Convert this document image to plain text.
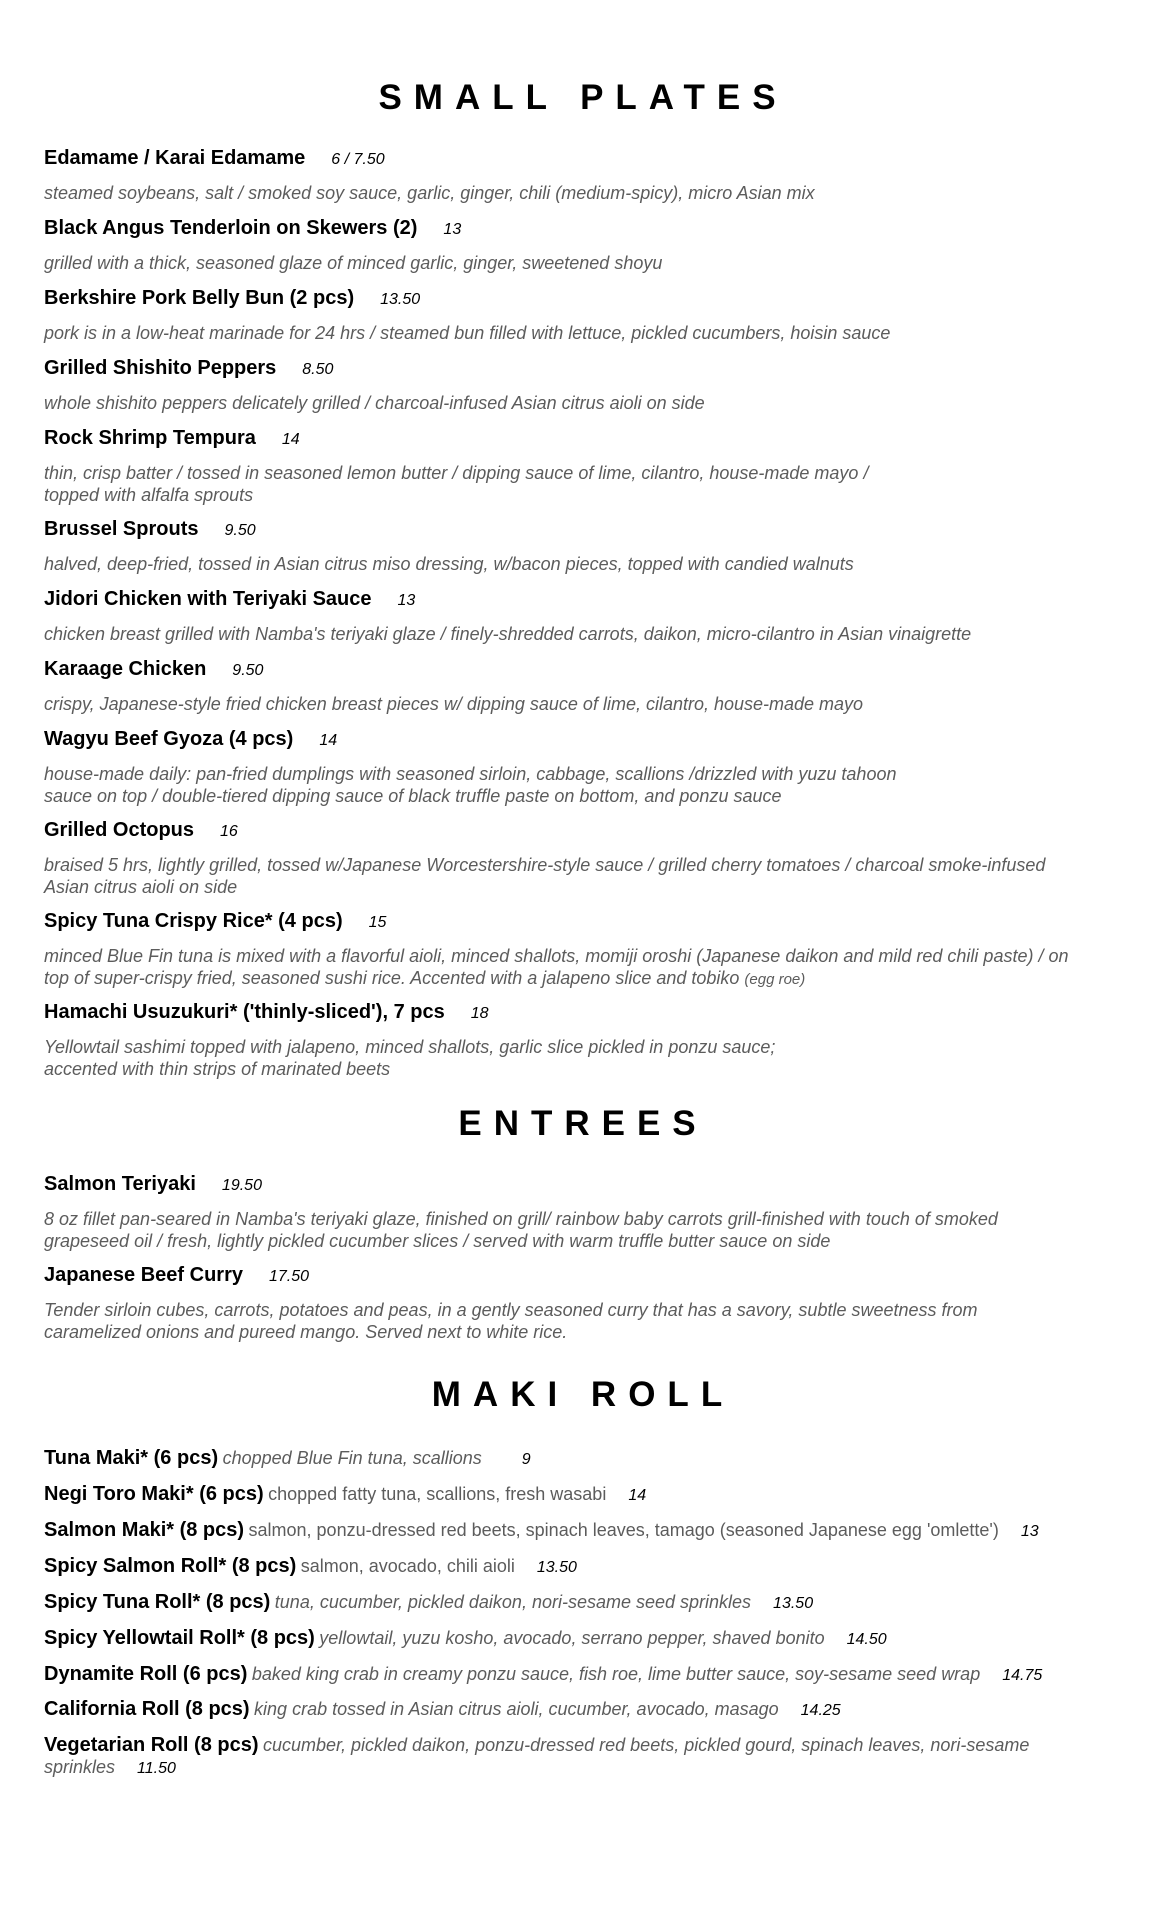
SMALL PLATES
Edamame / Karai Edamame 6 / 7.50

steamed soybeans, salt / smoked soy sauce, garlic, ginger, chili (medium-spicy), micro Asian mix

Black Angus Tenderloin on Skewers (2) 13

grilled with a thick, seasoned glaze of minced garlic, ginger, sweetened shoyu

Berkshire Pork Belly Bun (2 pcs) 13.50

pork is in a low-heat marinade for 24 hrs / steamed bun filled with lettuce, pickled cucumbers, hoisin sauce

Grilled Shishito Peppers 8.50

whole shishito peppers delicately grilled / charcoal-infused Asian citrus aioli on side

Rock Shrimp Tempura 14

thin, crisp batter / tossed in seasoned lemon butter / dipping sauce of lime, cilantro, house-made mayo /

topped with alfalfa sprouts

Brussel Sprouts 9.50

halved, deep-fried, tossed in Asian citrus miso dressing, w/bacon pieces, topped with candied walnuts

Jidori Chicken with Teriyaki Sauce 13

chicken breast grilled with Namba's teriyaki glaze / finely-shredded carrots, daikon, micro-cilantro in Asian vinaigrette

Karaage Chicken 9.50

crispy, Japanese-style fried chicken breast pieces w/ dipping sauce of lime, cilantro, house-made mayo

Wagyu Beef Gyoza (4 pcs) 14

house-made daily: pan-fried dumplings with seasoned sirloin, cabbage, scallions /drizzled with yuzu tahoon

sauce on top / double-tiered dipping sauce of black truffle paste on bottom, and ponzu sauce

Grilled Octopus 16

braised 5 hrs, lightly grilled, tossed w/Japanese Worcestershire-style sauce / grilled cherry tomatoes / charcoal smoke-infused

Asian citrus aioli on side

Spicy Tuna Crispy Rice* (4 pcs) 15

minced Blue Fin tuna is mixed with a flavorful aioli, minced shallots, momiji oroshi (Japanese daikon and mild red chili paste) / on

top of super-crispy fried, seasoned sushi rice. Accented with a jalapeno slice and tobiko (egg roe)

Hamachi Usuzukuri* ('thinly-sliced'), 7 pcs 18

Yellowtail sashimi topped with jalapeno, minced shallots, garlic slice pickled in ponzu sauce;

accented with thin strips of marinated beets

ENTREES
Salmon Teriyaki 19.50

8 oz fillet pan-seared in Namba's teriyaki glaze, finished on grill/ rainbow baby carrots grill-finished with touch of smoked

grapeseed oil / fresh, lightly pickled cucumber slices / served with warm truffle butter sauce on side

Japanese Beef Curry 17.50

Tender sirloin cubes, carrots, potatoes and peas, in a gently seasoned curry that has a savory, subtle sweetness from

caramelized onions and pureed mango. Served next to white rice.

MAKI ROLL
Tuna Maki* (6 pcs) chopped Blue Fin tuna, scallions	9
Negi Toro Maki* (6 pcs) chopped fatty tuna, scallions, fresh wasabi 14
Salmon Maki* (8 pcs) salmon, ponzu-dressed red beets, spinach leaves, tamago (seasoned Japanese egg 'omlette') 13
Spicy Salmon Roll* (8 pcs) salmon, avocado, chili aioli 13.50
Spicy Tuna Roll* (8 pcs) tuna, cucumber, pickled daikon, nori-sesame seed sprinkles 13.50
Spicy Yellowtail Roll* (8 pcs) yellowtail, yuzu kosho, avocado, serrano pepper, shaved bonito 14.50
Dynamite Roll (6 pcs) baked king crab in creamy ponzu sauce, fish roe, lime butter sauce, soy-sesame seed wrap 14.75
California Roll (8 pcs) king crab tossed in Asian citrus aioli, cucumber, avocado, masago 14.25
Vegetarian Roll (8 pcs) cucumber, pickled daikon, ponzu-dressed red beets, pickled gourd, spinach leaves, nori-sesame
sprinkles 11.50
